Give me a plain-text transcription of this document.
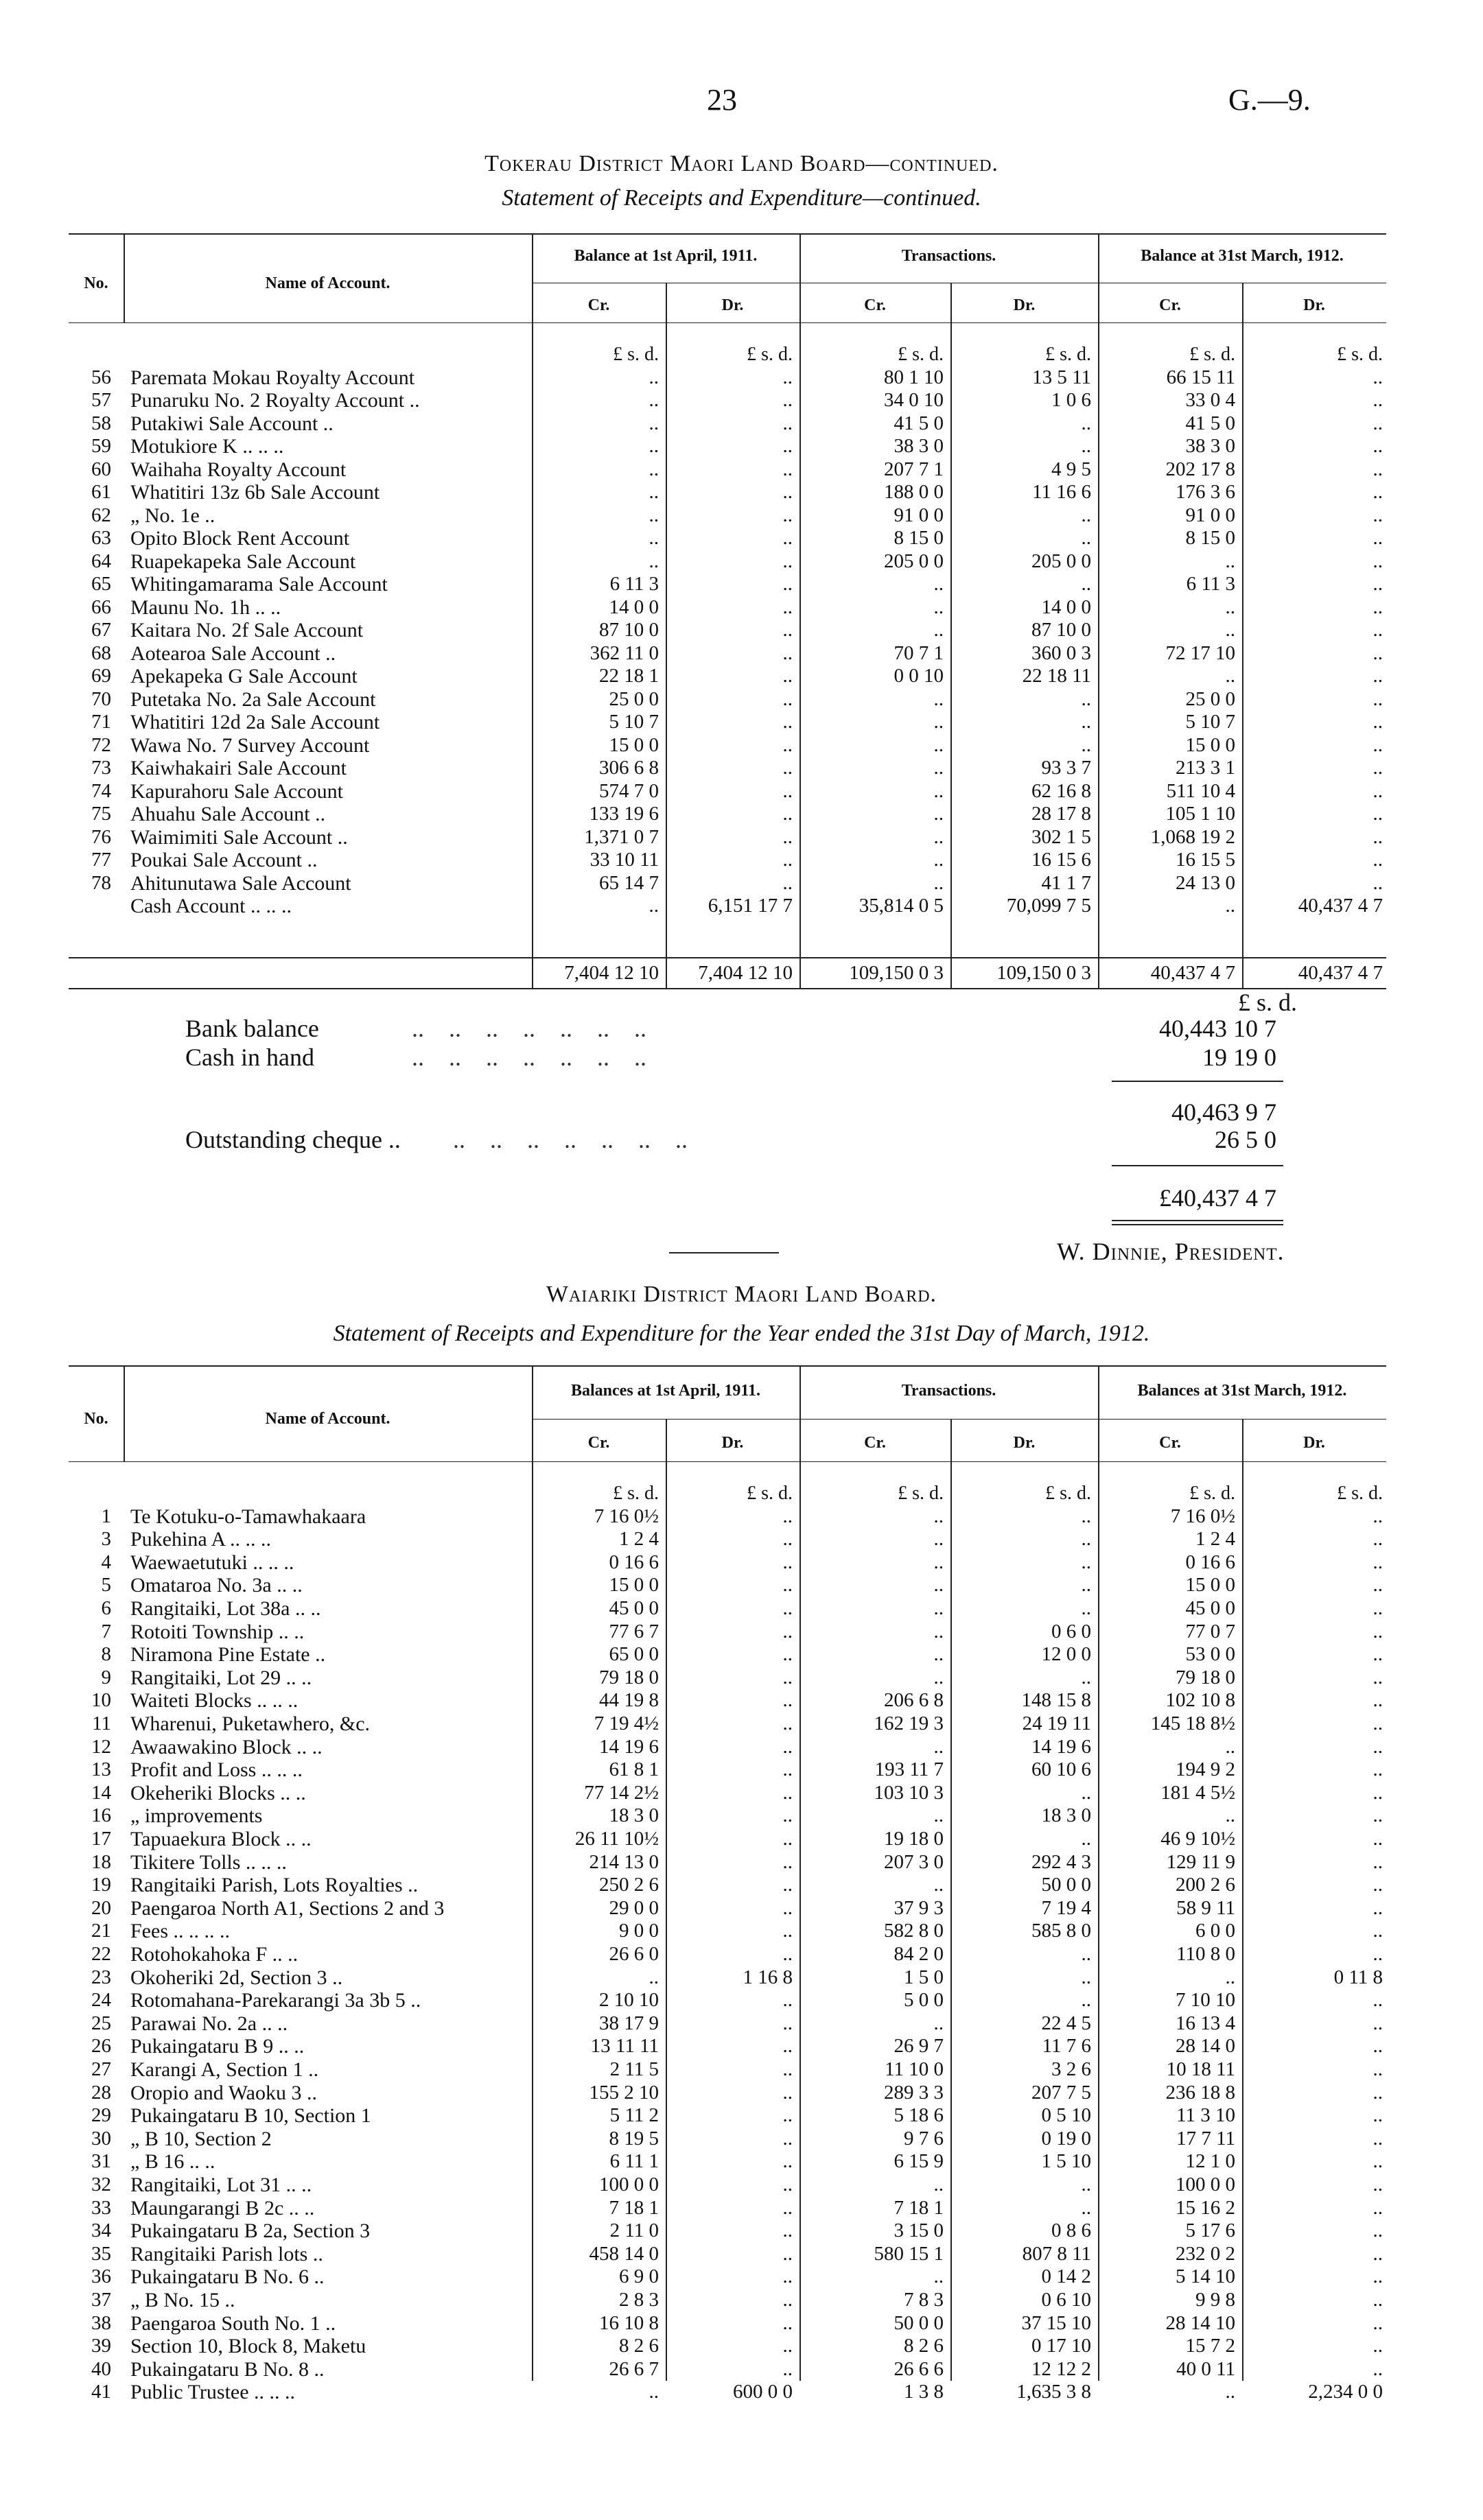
23	G.—9.
Tokerau District Maori Land Board—continued.
Statement of Receipts and Expenditure—continued.
No.	Name of Account.
Balance at 1st April, 1911.	Transactions.	Balance at 31st March, 1912.
Cr.	Dr.	Cr.	Dr.	Cr.	Dr.
£ s. d.	£ s. d.	£ s. d.	£ s. d.	£ s. d.	£ s. d.
56 Paremata Mokau Royalty Account	..	..	80 1 10	13 5 11	66 15 11	..
57 Punaruku No. 2 Royalty Account ..	..	..	34 0 10	1 0 6	33 0 4	..
58 Putakiwi Sale Account ..	..	..	41 5 0	..	41 5 0	..
59 Motukiore K .. .. ..	..	..	38 3 0	..	38 3 0	..
60 Waihaha Royalty Account	..	..	207 7 1	4 9 5	202 17 8	..
61 Whatitiri 13z 6b Sale Account	..	..	188 0 0	11 16 6	176 3 6	..
62 „ No. 1e ..	..	..	91 0 0	..	91 0 0	..
63 Opito Block Rent Account	..	..	8 15 0	..	8 15 0	..
64 Ruapekapeka Sale Account	..	..	205 0 0	205 0 0	..	..
65 Whitingamarama Sale Account	6 11 3	..	..	..	6 11 3	..
66 Maunu No. 1h .. ..	14 0 0	..	..	14 0 0	..	..
67 Kaitara No. 2f Sale Account	87 10 0	..	..	87 10 0	..	..
68 Aotearoa Sale Account ..	362 11 0	..	70 7 1	360 0 3	72 17 10	..
69 Apekapeka G Sale Account	22 18 1	..	0 0 10	22 18 11	..	..
70 Putetaka No. 2a Sale Account	25 0 0	..	..	..	25 0 0	..
71 Whatitiri 12d 2a Sale Account	5 10 7	..	..	..	5 10 7	..
72 Wawa No. 7 Survey Account	15 0 0	..	..	..	15 0 0	..
73 Kaiwhakairi Sale Account	306 6 8	..	..	93 3 7	213 3 1	..
74 Kapurahoru Sale Account	574 7 0	..	..	62 16 8	511 10 4	..
75 Ahuahu Sale Account ..	133 19 6	..	..	28 17 8	105 1 10	..
76 Waimimiti Sale Account ..	1,371 0 7	..	..	302 1 5	1,068 19 2	..
77 Poukai Sale Account ..	33 10 11	..	..	16 15 6	16 15 5	..
78 Ahitunutawa Sale Account	65 14 7	..	..	41 1 7	24 13 0	..
Cash Account .. .. ..	..	6,151 17 7	35,814 0 5	70,099 7 5	..	40,437 4 7
7,404 12 10	7,404 12 10	109,150 0 3	109,150 0 3	40,437 4 7	40,437 4 7
£ s. d.
Bank balance	..    ..    ..    ..    ..    ..    ..	40,443 10 7
Cash in hand	..    ..    ..    ..    ..    ..    ..	19 19 0
40,463 9 7
Outstanding cheque .. ..    ..    ..    ..    ..    ..    ..	26 5 0
£40,437 4 7
W. Dinnie, President.
Waiariki District Maori Land Board.
Statement of Receipts and Expenditure for the Year ended the 31st Day of March, 1912.
No.	Name of Account.
Balances at 1st April, 1911.	Transactions.	Balances at 31st March, 1912.
Cr.	Dr.	Cr.	Dr.	Cr.	Dr.
£ s. d.	£ s. d.	£ s. d.	£ s. d.	£ s. d.	£ s. d.
1 Te Kotuku-o-Tamawhakaara	7 16 0½	..	..	..	7 16 0½	..
3 Pukehina A .. .. ..	1 2 4	..	..	..	1 2 4	..
4 Waewaetutuki .. .. ..	0 16 6	..	..	..	0 16 6	..
5 Omataroa No. 3a .. ..	15 0 0	..	..	..	15 0 0	..
6 Rangitaiki, Lot 38a .. ..	45 0 0	..	..	..	45 0 0	..
7 Rotoiti Township .. ..	77 6 7	..	..	0 6 0	77 0 7	..
8 Niramona Pine Estate ..	65 0 0	..	..	12 0 0	53 0 0	..
9 Rangitaiki, Lot 29 .. ..	79 18 0	..	..	..	79 18 0	..
10 Waiteti Blocks .. .. ..	44 19 8	..	206 6 8	148 15 8	102 10 8	..
11 Wharenui, Puketawhero, &c.	7 19 4½	..	162 19 3	24 19 11	145 18 8½	..
12 Awaawakino Block .. ..	14 19 6	..	..	14 19 6	..	..
13 Profit and Loss .. .. ..	61 8 1	..	193 11 7	60 10 6	194 9 2	..
14 Okeheriki Blocks .. ..	77 14 2½	..	103 10 3	..	181 4 5½	..
16 „ improvements	18 3 0	..	..	18 3 0	..	..
17 Tapuaekura Block .. ..	26 11 10½	..	19 18 0	..	46 9 10½	..
18 Tikitere Tolls .. .. ..	214 13 0	..	207 3 0	292 4 3	129 11 9	..
19 Rangitaiki Parish, Lots Royalties ..	250 2 6	..	..	50 0 0	200 2 6	..
20 Paengaroa North A1, Sections 2 and 3	29 0 0	..	37 9 3	7 19 4	58 9 11	..
21 Fees .. .. .. ..	9 0 0	..	582 8 0	585 8 0	6 0 0	..
22 Rotohokahoka F .. ..	26 6 0	..	84 2 0	..	110 8 0	..
23 Okoheriki 2d, Section 3 ..	..	1 16 8	1 5 0	..	..	0 11 8
24 Rotomahana-Parekarangi 3a 3b 5 ..	2 10 10	..	5 0 0	..	7 10 10	..
25 Parawai No. 2a .. ..	38 17 9	..	..	22 4 5	16 13 4	..
26 Pukaingataru B 9 .. ..	13 11 11	..	26 9 7	11 7 6	28 14 0	..
27 Karangi A, Section 1 ..	2 11 5	..	11 10 0	3 2 6	10 18 11	..
28 Oropio and Waoku 3 ..	155 2 10	..	289 3 3	207 7 5	236 18 8	..
29 Pukaingataru B 10, Section 1	5 11 2	..	5 18 6	0 5 10	11 3 10	..
30 „ B 10, Section 2	8 19 5	..	9 7 6	0 19 0	17 7 11	..
31 „ B 16 .. ..	6 11 1	..	6 15 9	1 5 10	12 1 0	..
32 Rangitaiki, Lot 31 .. ..	100 0 0	..	..	..	100 0 0	..
33 Maungarangi B 2c .. ..	7 18 1	..	7 18 1	..	15 16 2	..
34 Pukaingataru B 2a, Section 3	2 11 0	..	3 15 0	0 8 6	5 17 6	..
35 Rangitaiki Parish lots ..	458 14 0	..	580 15 1	807 8 11	232 0 2	..
36 Pukaingataru B No. 6 ..	6 9 0	..	..	0 14 2	5 14 10	..
37 „ B No. 15 ..	2 8 3	..	7 8 3	0 6 10	9 9 8	..
38 Paengaroa South No. 1 ..	16 10 8	..	50 0 0	37 15 10	28 14 10	..
39 Section 10, Block 8, Maketu	8 2 6	..	8 2 6	0 17 10	15 7 2	..
40 Pukaingataru B No. 8 ..	26 6 7	..	26 6 6	12 12 2	40 0 11	..
41 Public Trustee .. .. ..	..	600 0 0	1 3 8	1,635 3 8	..	2,234 0 0
